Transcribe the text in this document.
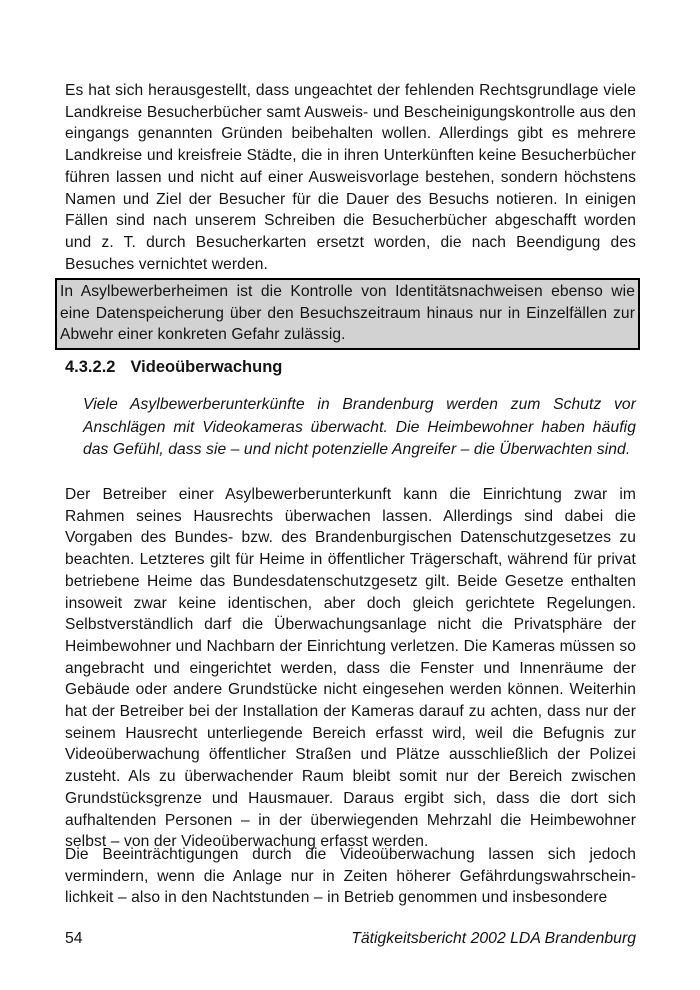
Es hat sich herausgestellt, dass ungeachtet der fehlenden Rechtsgrundlage viele Landkreise Besucherbücher samt Ausweis- und Bescheinigungskontrolle aus den eingangs genannten Gründen beibehalten wollen. Allerdings gibt es mehrere Landkreise und kreisfreie Städte, die in ihren Unterkünften keine Besucherbücher führen lassen und nicht auf einer Ausweisvorlage bestehen, sondern höchstens Namen und Ziel der Besucher für die Dauer des Besuchs notieren. In einigen Fällen sind nach unserem Schreiben die Besucherbücher abgeschafft worden und z. T. durch Besucherkarten ersetzt worden, die nach Beendigung des Besuches vernichtet werden.
In Asylbewerberheimen ist die Kontrolle von Identitätsnachweisen ebenso wie eine Datenspeicherung über den Besuchszeitraum hinaus nur in Einzelfällen zur Abwehr einer konkreten Gefahr zulässig.
4.3.2.2 Videoüberwachung
Viele Asylbewerberunterkünfte in Brandenburg werden zum Schutz vor Anschlägen mit Videokameras überwacht. Die Heimbewohner haben häufig das Gefühl, dass sie – und nicht potenzielle Angreifer – die Überwachten sind.
Der Betreiber einer Asylbewerberunterkunft kann die Einrichtung zwar im Rahmen seines Hausrechts überwachen lassen. Allerdings sind dabei die Vorgaben des Bundes- bzw. des Brandenburgischen Datenschutzgesetzes zu beachten. Letzteres gilt für Heime in öffentlicher Trägerschaft, während für privat betriebene Heime das Bundesdatenschutzgesetz gilt. Beide Gesetze enthalten insoweit zwar keine identischen, aber doch gleich gerichtete Regelungen. Selbstverständlich darf die Überwachungsanlage nicht die Privatsphäre der Heimbewohner und Nachbarn der Einrichtung verletzen. Die Kameras müssen so angebracht und eingerichtet werden, dass die Fenster und Innenräume der Gebäude oder andere Grundstücke nicht eingesehen werden können. Weiterhin hat der Betreiber bei der Installation der Kameras darauf zu achten, dass nur der seinem Hausrecht unterliegende Bereich erfasst wird, weil die Befugnis zur Videoüberwachung öffentlicher Straßen und Plätze ausschließlich der Polizei zusteht. Als zu überwachender Raum bleibt somit nur der Bereich zwischen Grundstücksgrenze und Hausmauer. Daraus ergibt sich, dass die dort sich aufhaltenden Personen – in der überwiegenden Mehrzahl die Heimbewohner selbst – von der Videoüberwachung erfasst werden.
Die Beeinträchtigungen durch die Videoüberwachung lassen sich jedoch vermindern, wenn die Anlage nur in Zeiten höherer Gefährdungswahrscheinlichkeit – also in den Nachtstunden – in Betrieb genommen und insbesondere
54	Tätigkeitsbericht 2002 LDA Brandenburg
